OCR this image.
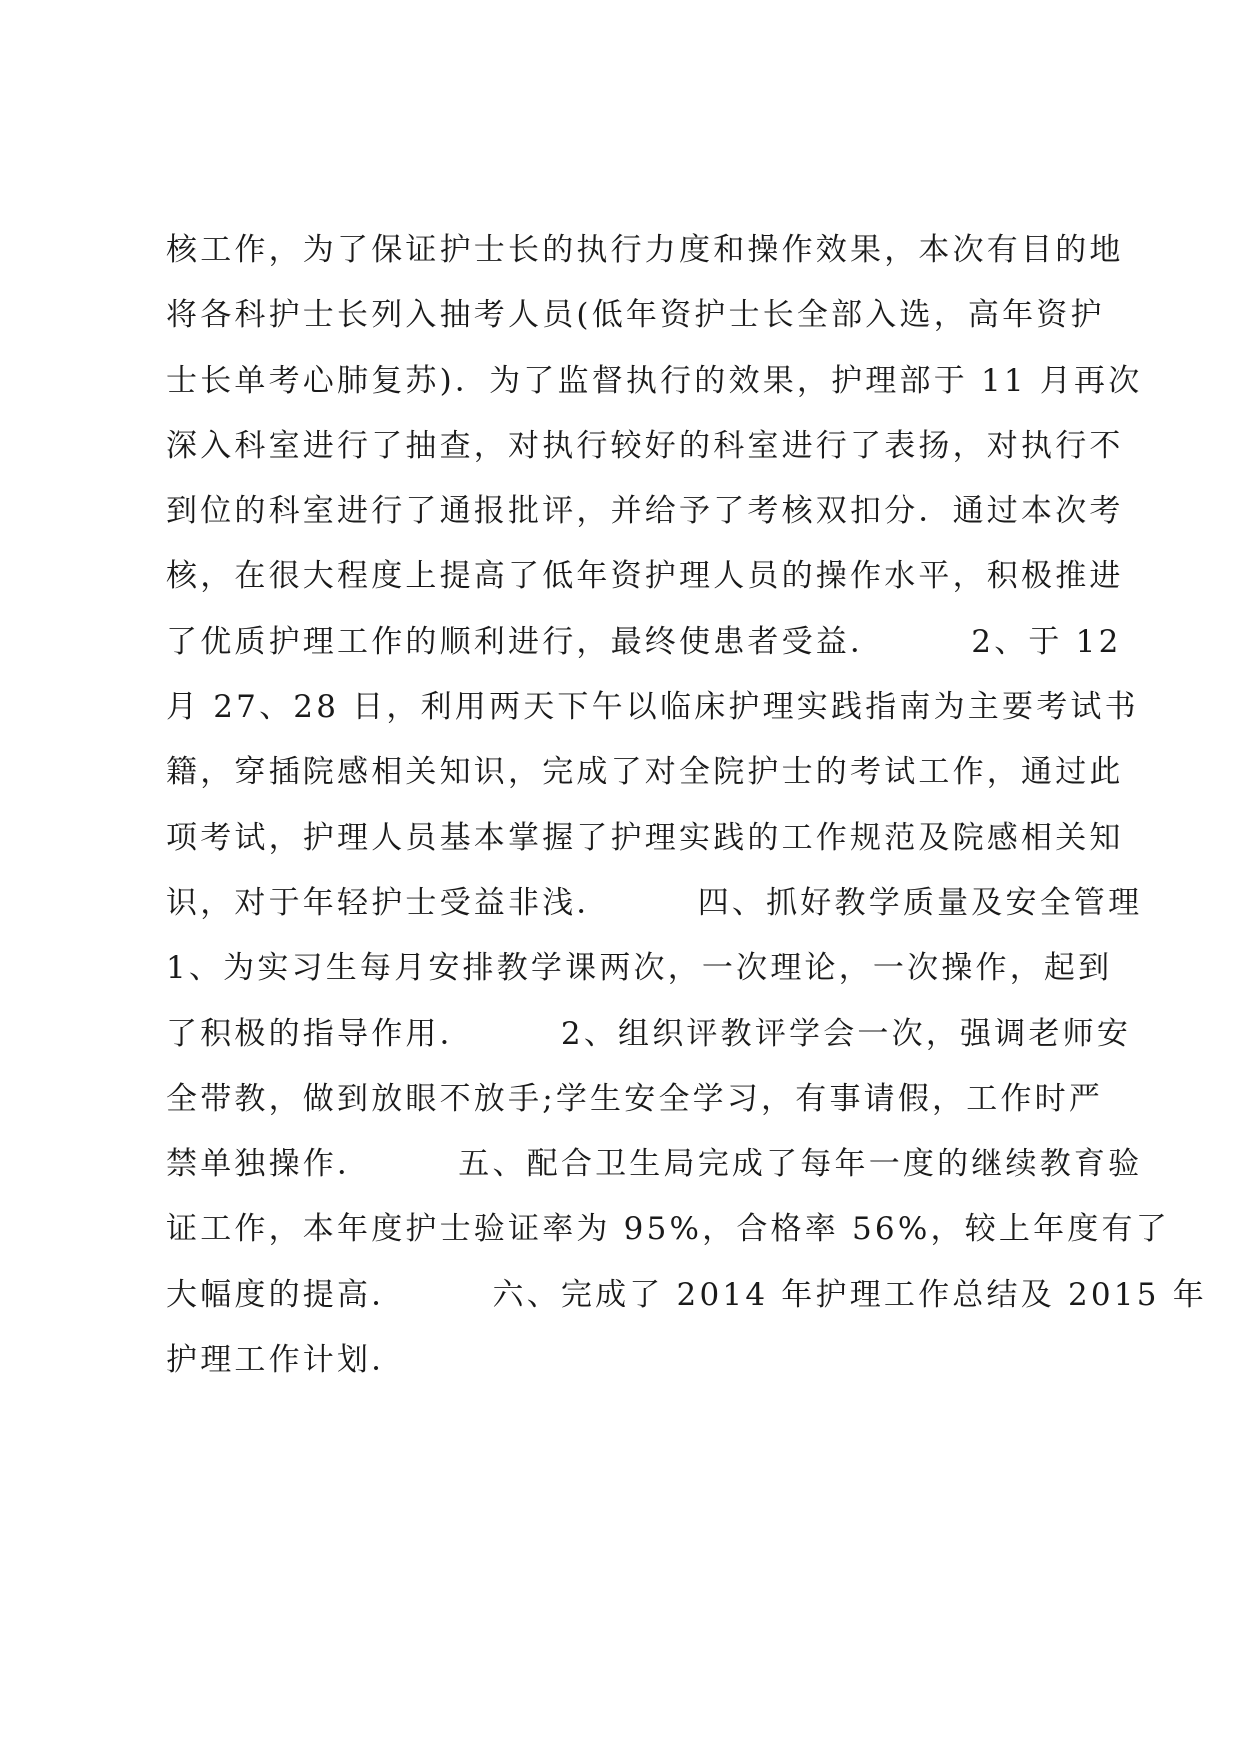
核工作，为了保证护士长的执行力度和操作效果，本次有目的地
将各科护士长列入抽考人员(低年资护士长全部入选，高年资护
士长单考心肺复苏)．为了监督执行的效果，护理部于 11 月再次
深入科室进行了抽查，对执行较好的科室进行了表扬，对执行不
到位的科室进行了通报批评，并给予了考核双扣分．通过本次考
核，在很大程度上提高了低年资护理人员的操作水平，积极推进
了优质护理工作的顺利进行，最终使患者受益．　　　2、于 12
月 27、28 日，利用两天下午以临床护理实践指南为主要考试书
籍，穿插院感相关知识，完成了对全院护士的考试工作，通过此
项考试，护理人员基本掌握了护理实践的工作规范及院感相关知
识，对于年轻护士受益非浅．　　　四、抓好教学质量及安全管理
1、为实习生每月安排教学课两次，一次理论，一次操作，起到
了积极的指导作用．　　　2、组织评教评学会一次，强调老师安
全带教，做到放眼不放手;学生安全学习，有事请假，工作时严
禁单独操作．　　　五、配合卫生局完成了每年一度的继续教育验
证工作，本年度护士验证率为 95%，合格率 56%，较上年度有了
大幅度的提高．　　　六、完成了 2014 年护理工作总结及 2015 年
护理工作计划．
